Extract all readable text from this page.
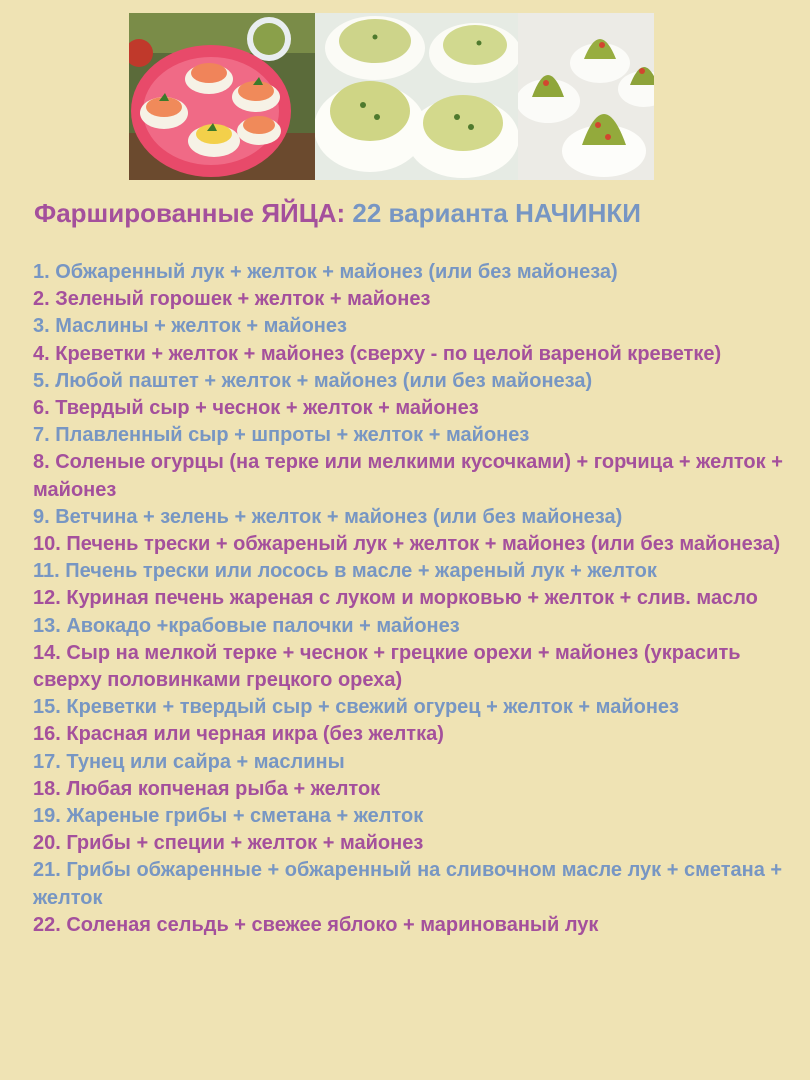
Фаршированные ЯЙЦА: 22 варианта НАЧИНКИ
1. Обжаренный лук + желток + майонез (или без майонеза)
2. Зеленый горошек + желток + майонез
3. Маслины + желток + майонез
4. Креветки + желток + майонез (сверху - по целой вареной креветке)
5. Любой паштет + желток + майонез (или без майонеза)
6. Твердый сыр + чеснок + желток + майонез
7. Плавленный сыр + шпроты + желток + майонез
8. Соленые огурцы (на терке или мелкими кусочками) + горчица + желток + майонез
9. Ветчина + зелень + желток + майонез (или без майонеза)
10. Печень трески + обжареный лук + желток + майонез (или без майонеза)
11. Печень трески или лосось в масле + жареный лук + желток
12. Куриная печень жареная с луком и морковью + желток + слив. масло
13. Авокадо +крабовые палочки + майонез
14. Сыр на мелкой терке + чеснок + грецкие орехи + майонез (украсить сверху половинками грецкого ореха)
15. Креветки + твердый сыр + свежий огурец + желток + майонез
16. Красная или черная икра (без желтка)
17. Тунец или сайра + маслины
18. Любая копченая рыба + желток
19. Жареные грибы + сметана + желток
20. Грибы + специи + желток + майонез
21. Грибы обжаренные + обжаренный на сливочном масле лук + сметана + желток
22. Соленая сельдь + свежее яблоко + маринованый лук
